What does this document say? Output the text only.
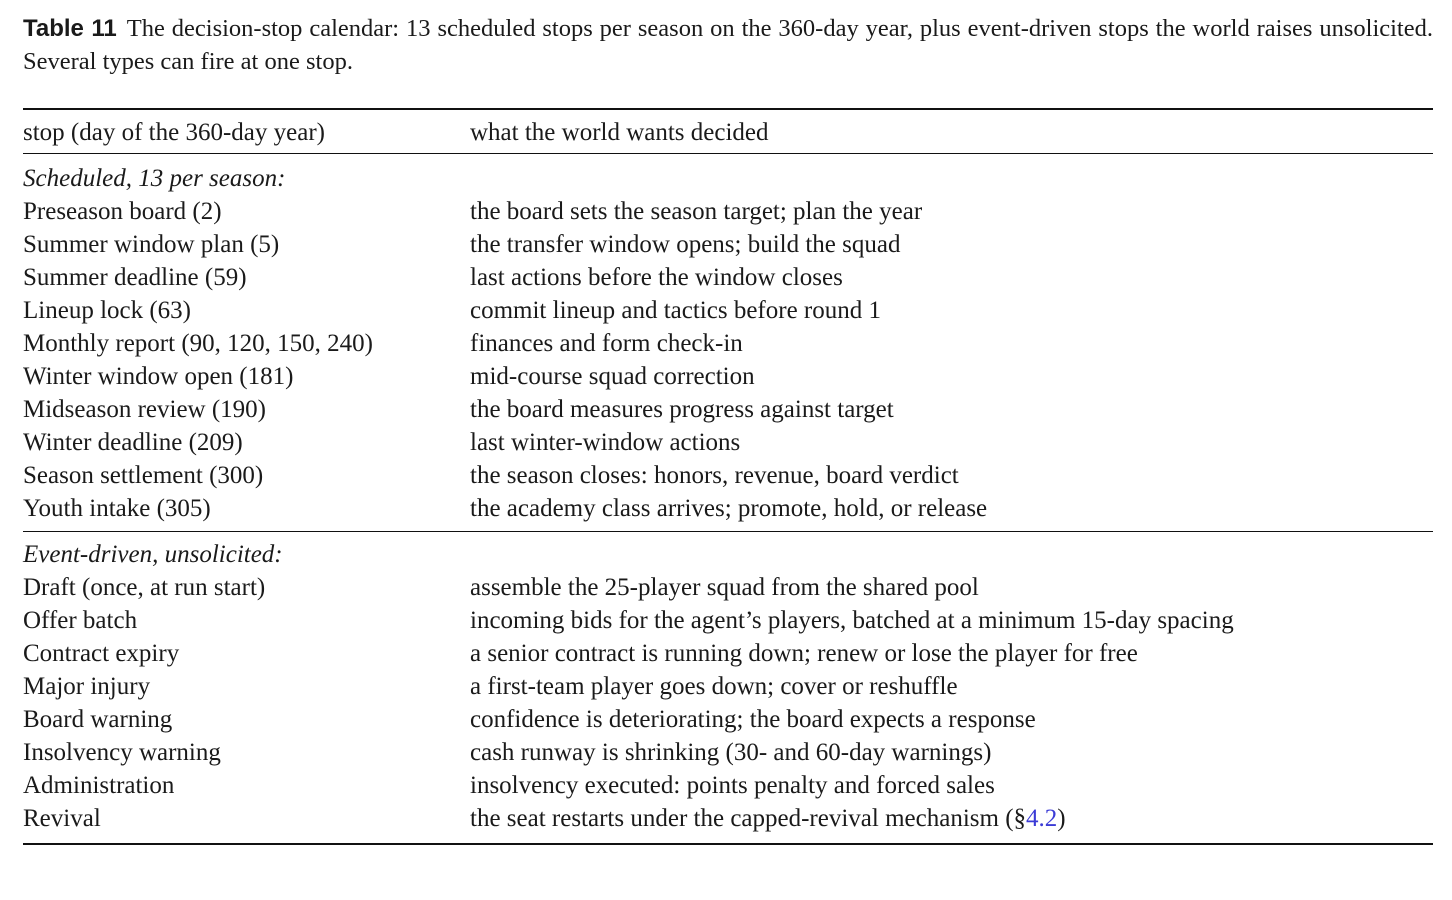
Table 11 The decision-stop calendar: 13 scheduled stops per season on the 360-day year, plus event-driven stops the world raises unsolicited. Several types can fire at one stop.

stop (day of the 360-day year)	what the world wants decided
Scheduled, 13 per season:	
Preseason board (2)	the board sets the season target; plan the year
Summer window plan (5)	the transfer window opens; build the squad
Summer deadline (59)	last actions before the window closes
Lineup lock (63)	commit lineup and tactics before round 1
Monthly report (90, 120, 150, 240)	finances and form check-in
Winter window open (181)	mid-course squad correction
Midseason review (190)	the board measures progress against target
Winter deadline (209)	last winter-window actions
Season settlement (300)	the season closes: honors, revenue, board verdict
Youth intake (305)	the academy class arrives; promote, hold, or release
Event-driven, unsolicited:	
Draft (once, at run start)	assemble the 25-player squad from the shared pool
Offer batch	incoming bids for the agent’s players, batched at a minimum 15-day spacing
Contract expiry	a senior contract is running down; renew or lose the player for free
Major injury	a first-team player goes down; cover or reshuffle
Board warning	confidence is deteriorating; the board expects a response
Insolvency warning	cash runway is shrinking (30- and 60-day warnings)
Administration	insolvency executed: points penalty and forced sales
Revival	the seat restarts under the capped-revival mechanism (§4.2)
